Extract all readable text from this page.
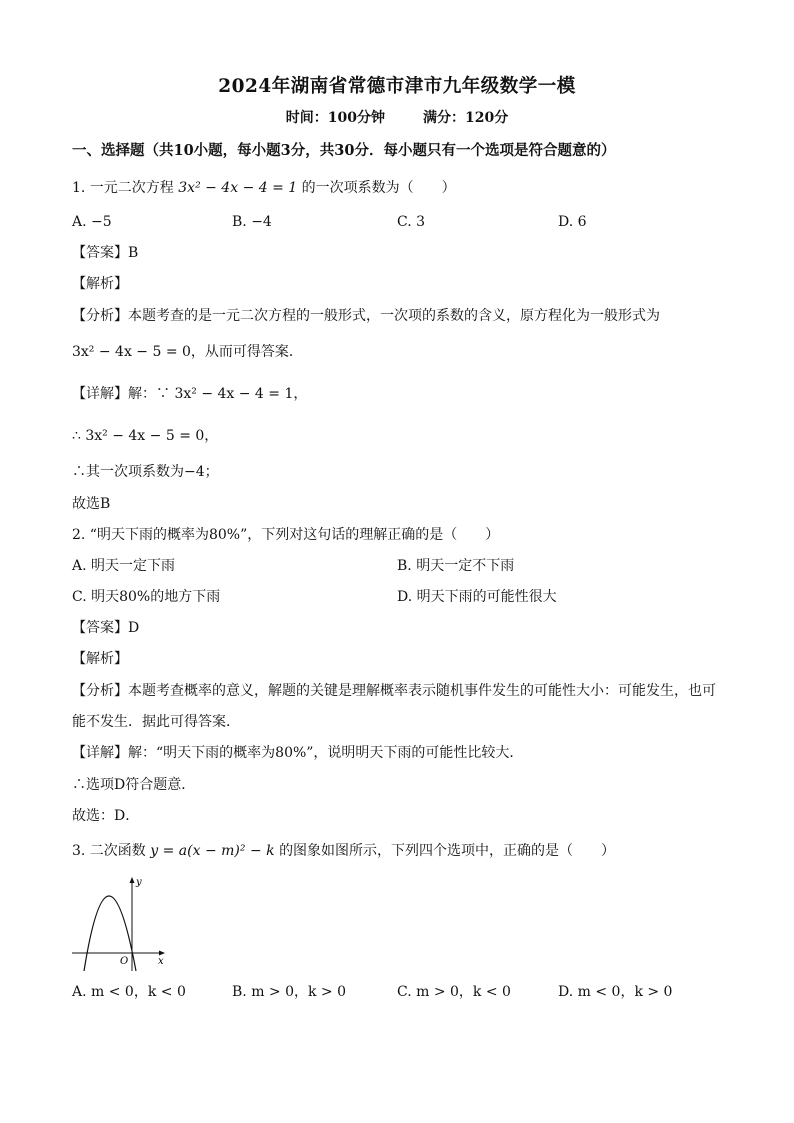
2024年湖南省常德市津市九年级数学一模
时间：100分钟	满分：120分
一、选择题（共10小题，每小题3分，共30分．每小题只有一个选项是符合题意的）
1. 一元二次方程 3x² − 4x − 4 = 1 的一次项系数为（　　）
A. −5	B. −4	C. 3	D. 6
【答案】B
【解析】
【分析】本题考查的是一元二次方程的一般形式，一次项的系数的含义，原方程化为一般形式为
3x² − 4x − 5 = 0，从而可得答案．
【详解】解：∵ 3x² − 4x − 4 = 1，
∴ 3x² − 4x − 5 = 0，
∴其一次项系数为−4；
故选B
2. “明天下雨的概率为80%”，下列对这句话的理解正确的是（　　）
A. 明天一定下雨	B. 明天一定不下雨
C. 明天80%的地方下雨	D. 明天下雨的可能性很大
【答案】D
【解析】
【分析】本题考查概率的意义，解题的关键是理解概率表示随机事件发生的可能性大小：可能发生，也可
能不发生．据此可得答案．
【详解】解：“明天下雨的概率为80%”，说明明天下雨的可能性比较大．
∴选项D符合题意．
故选：D．
3. 二次函数 y = a(x − m)² − k 的图象如图所示，下列四个选项中，正确的是（　　）
y
x
O
A. m < 0，k < 0	B. m > 0，k > 0	C. m > 0，k < 0	D. m < 0，k > 0
